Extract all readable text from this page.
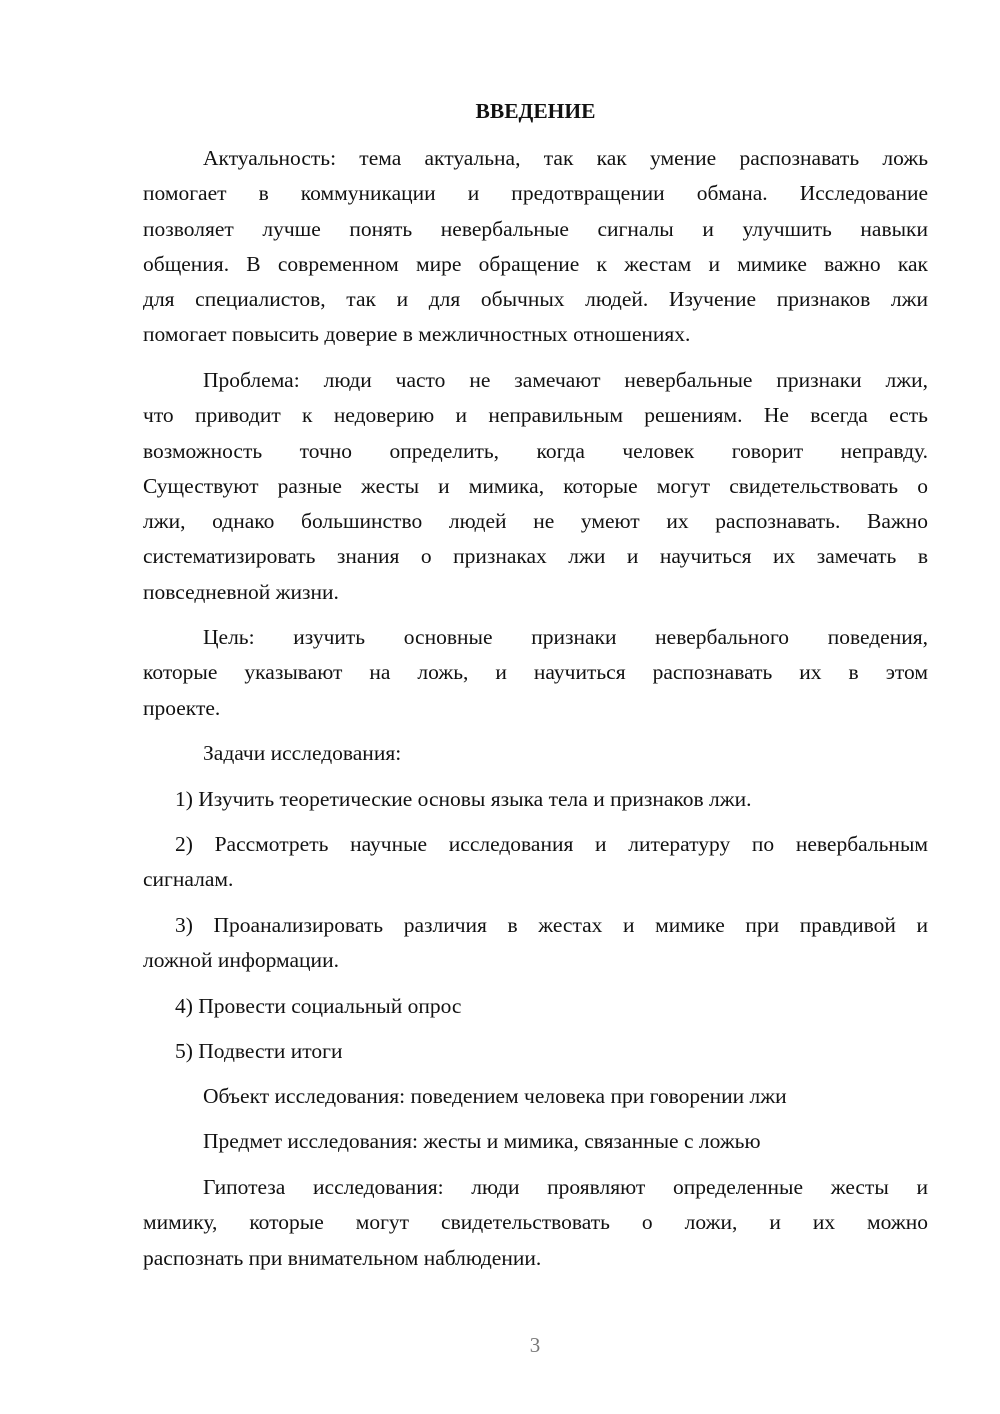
ВВЕДЕНИЕ
Актуальность: тема актуальна, так как умение распознавать ложь
помогает в коммуникации и предотвращении обмана. Исследование
позволяет лучше понять невербальные сигналы и улучшить навыки
общения. В современном мире обращение к жестам и мимике важно как
для специалистов, так и для обычных людей. Изучение признаков лжи
помогает повысить доверие в межличностных отношениях.
Проблема: люди часто не замечают невербальные признаки лжи,
что приводит к недоверию и неправильным решениям. Не всегда есть
возможность точно определить, когда человек говорит неправду.
Существуют разные жесты и мимика, которые могут свидетельствовать о
лжи, однако большинство людей не умеют их распознавать. Важно
систематизировать знания о признаках лжи и научиться их замечать в
повседневной жизни.
Цель: изучить основные признаки невербального поведения,
которые указывают на ложь, и научиться распознавать их в этом
проекте.
Задачи исследования:
1) Изучить теоретические основы языка тела и признаков лжи.
2) Рассмотреть научные исследования и литературу по невербальным
сигналам.
3) Проанализировать различия в жестах и мимике при правдивой и
ложной информации.
4) Провести социальный опрос
5) Подвести итоги
Объект исследования: поведением человека при говорении лжи
Предмет исследования: жесты и мимика, связанные с ложью
Гипотеза исследования: люди проявляют определенные жесты и
мимику, которые могут свидетельствовать о ложи, и их можно
распознать при внимательном наблюдении.
3
